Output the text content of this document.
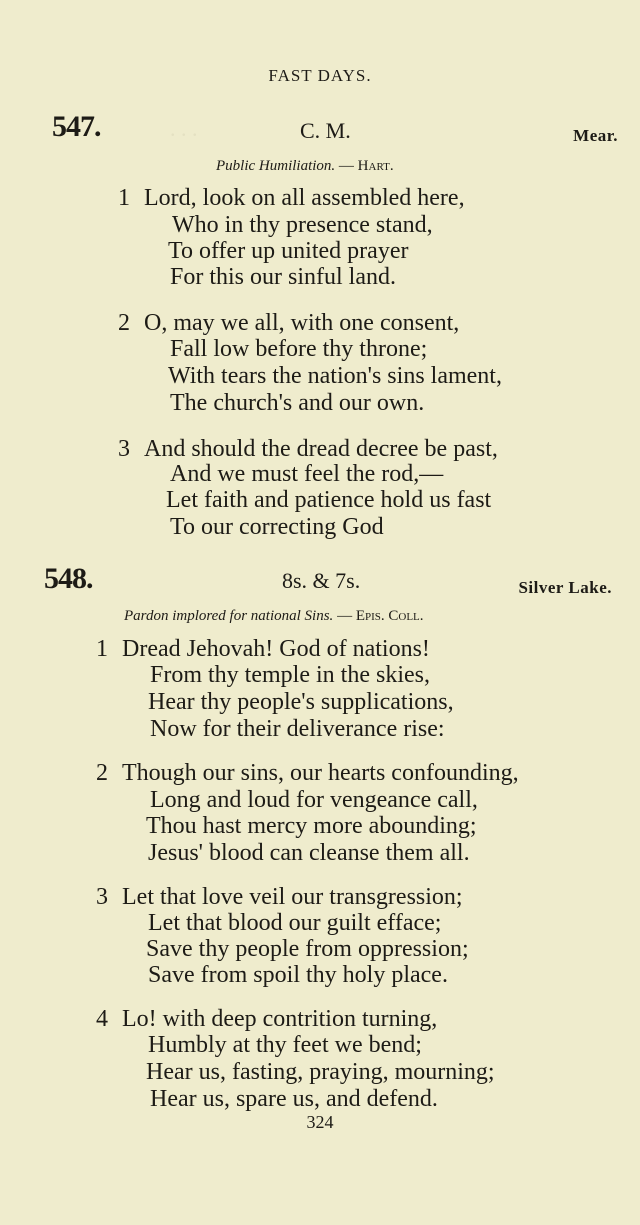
∙ ∙ ∙
FAST DAYS.
547.	C. M.	Mear.
Public Humiliation. — Hart.
1 Lord, look on all assembled here,
Who in thy presence stand,
To offer up united prayer
For this our sinful land.
2 O, may we all, with one consent,
Fall low before thy throne;
With tears the nation's sins lament,
The church's and our own.
3 And should the dread decree be past,
And we must feel the rod,—
Let faith and patience hold us fast
To our correcting God
548.	8s. & 7s.	Silver Lake.
Pardon implored for national Sins. — Epis. Coll.
1 Dread Jehovah! God of nations!
From thy temple in the skies,
Hear thy people's supplications,
Now for their deliverance rise:
2 Though our sins, our hearts confounding,
Long and loud for vengeance call,
Thou hast mercy more abounding;
Jesus' blood can cleanse them all.
3 Let that love veil our transgression;
Let that blood our guilt efface;
Save thy people from oppression;
Save from spoil thy holy place.
4 Lo! with deep contrition turning,
Humbly at thy feet we bend;
Hear us, fasting, praying, mourning;
Hear us, spare us, and defend.
324
